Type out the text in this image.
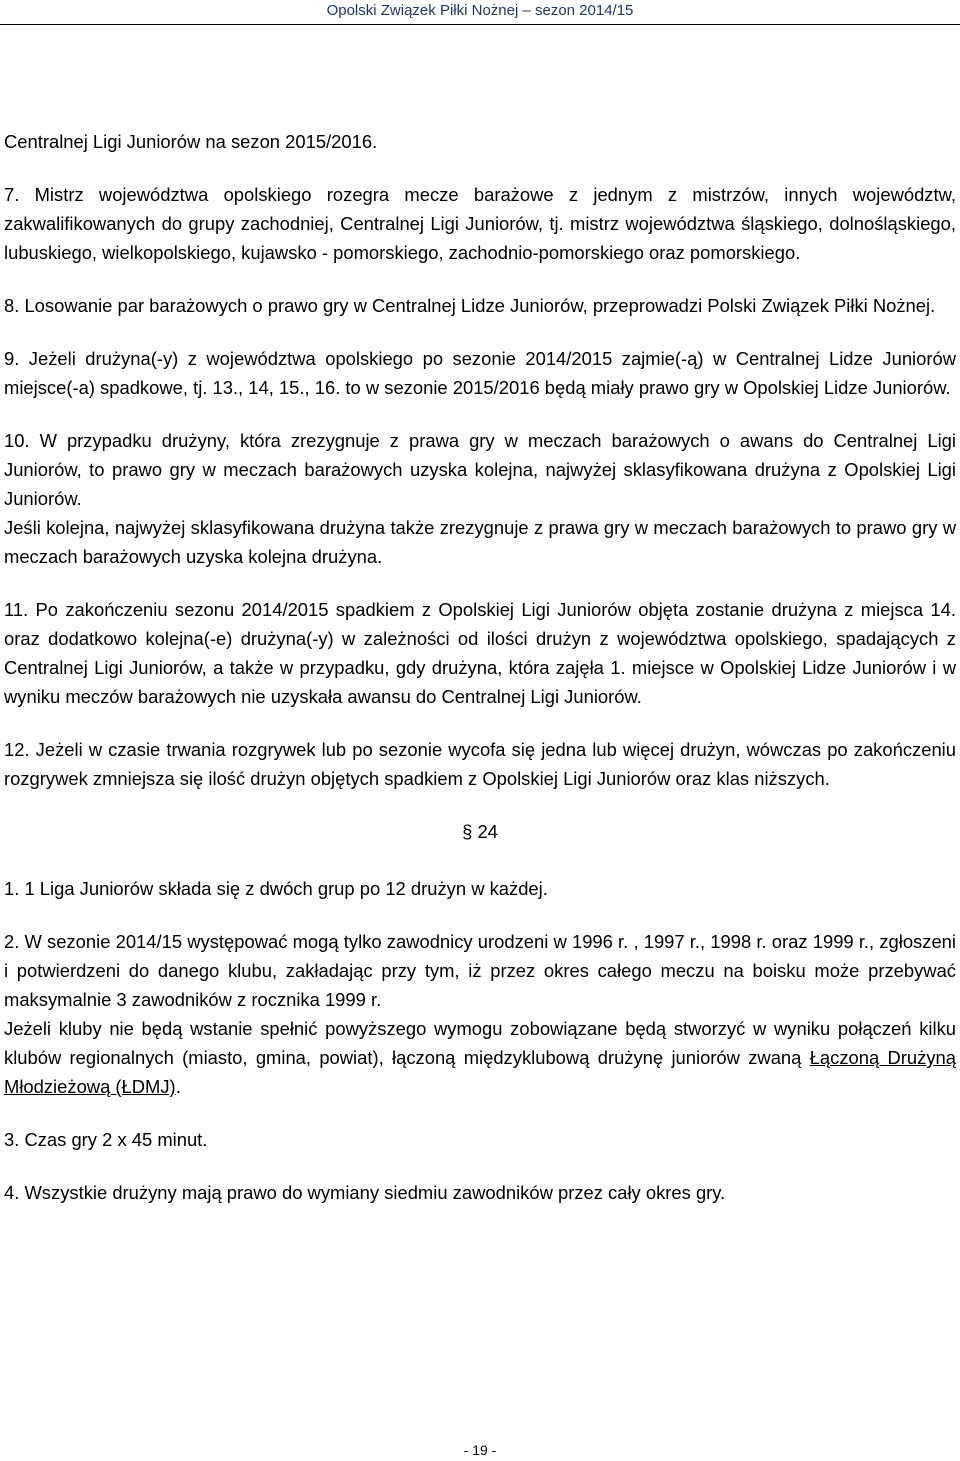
Opolski Związek Piłki Nożnej – sezon 2014/15

Centralnej Ligi Juniorów na sezon 2015/2016.

7. Mistrz województwa opolskiego rozegra mecze barażowe z jednym z mistrzów, innych województw, zakwalifikowanych do grupy zachodniej, Centralnej Ligi Juniorów, tj. mistrz województwa śląskiego, dolnośląskiego, lubuskiego, wielkopolskiego, kujawsko - pomorskiego, zachodnio-pomorskiego oraz pomorskiego.

8. Losowanie par barażowych o prawo gry w Centralnej Lidze Juniorów, przeprowadzi Polski Związek Piłki Nożnej.

9. Jeżeli drużyna(-y) z województwa opolskiego po sezonie 2014/2015 zajmie(-ą) w Centralnej Lidze Juniorów miejsce(-a) spadkowe, tj. 13., 14, 15., 16. to w sezonie 2015/2016 będą miały prawo gry w Opolskiej Lidze Juniorów.

10. W przypadku drużyny, która zrezygnuje z prawa gry w meczach barażowych o awans do Centralnej Ligi Juniorów, to prawo gry w meczach barażowych uzyska kolejna, najwyżej sklasyfikowana drużyna z Opolskiej Ligi Juniorów.

Jeśli kolejna, najwyżej sklasyfikowana drużyna także zrezygnuje z prawa gry w meczach barażowych to prawo gry w meczach barażowych uzyska kolejna drużyna.

11. Po zakończeniu sezonu 2014/2015 spadkiem z Opolskiej Ligi Juniorów objęta zostanie drużyna z miejsca 14. oraz dodatkowo kolejna(-e) drużyna(-y) w zależności od ilości drużyn z województwa opolskiego, spadających z Centralnej Ligi Juniorów, a także w przypadku, gdy drużyna, która zajęła 1. miejsce w Opolskiej Lidze Juniorów i w wyniku meczów barażowych nie uzyskała awansu do Centralnej Ligi Juniorów.

12. Jeżeli w czasie trwania rozgrywek lub po sezonie wycofa się jedna lub więcej drużyn, wówczas po zakończeniu rozgrywek zmniejsza się ilość drużyn objętych spadkiem z Opolskiej Ligi Juniorów oraz klas niższych.

§ 24

1. 1 Liga Juniorów składa się z dwóch grup po 12 drużyn w każdej.

2. W sezonie 2014/15 występować mogą tylko zawodnicy urodzeni w 1996 r. , 1997 r., 1998 r. oraz 1999 r., zgłoszeni i potwierdzeni do danego klubu, zakładając przy tym, iż przez okres całego meczu na boisku może przebywać maksymalnie 3 zawodników z rocznika 1999 r.

Jeżeli kluby nie będą wstanie spełnić powyższego wymogu zobowiązane będą stworzyć w wyniku połączeń kilku klubów regionalnych (miasto, gmina, powiat), łączoną międzyklubową drużynę juniorów zwaną Łączoną Drużyną Młodzieżową (ŁDMJ).

3. Czas gry 2 x 45 minut.

4. Wszystkie drużyny mają prawo do wymiany siedmiu zawodników przez cały okres gry.

- 19 -
